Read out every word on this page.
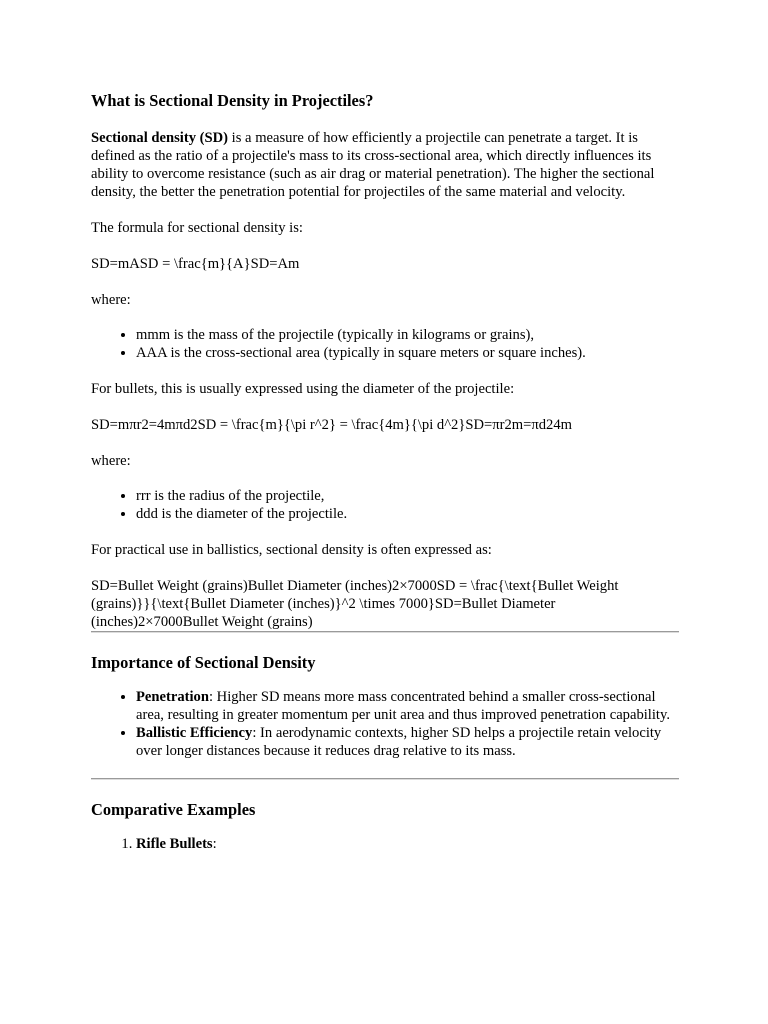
What is Sectional Density in Projectiles?

Sectional density (SD) is a measure of how efficiently a projectile can penetrate a target. It is defined as the ratio of a projectile's mass to its cross-sectional area, which directly influences its ability to overcome resistance (such as air drag or material penetration). The higher the sectional density, the better the penetration potential for projectiles of the same material and velocity.

The formula for sectional density is:

SD=mASD = \frac{m}{A}SD=Am

where:

• mmm is the mass of the projectile (typically in kilograms or grains),
• AAA is the cross-sectional area (typically in square meters or square inches).

For bullets, this is usually expressed using the diameter of the projectile:

SD=mπr2=4mπd2SD = \frac{m}{\pi r^2} = \frac{4m}{\pi d^2}SD=πr2m=πd24m

where:

• rrr is the radius of the projectile,
• ddd is the diameter of the projectile.

For practical use in ballistics, sectional density is often expressed as:

SD=Bullet Weight (grains)Bullet Diameter (inches)2×7000SD = \frac{\text{Bullet Weight (grains)}}{\text{Bullet Diameter (inches)}^2 \times 7000}SD=Bullet Diameter (inches)2×7000Bullet Weight (grains)

Importance of Sectional Density
• Penetration: Higher SD means more mass concentrated behind a smaller cross-sectional area, resulting in greater momentum per unit area and thus improved penetration capability.
• Ballistic Efficiency: In aerodynamic contexts, higher SD helps a projectile retain velocity over longer distances because it reduces drag relative to its mass.
Comparative Examples
1. Rifle Bullets:
